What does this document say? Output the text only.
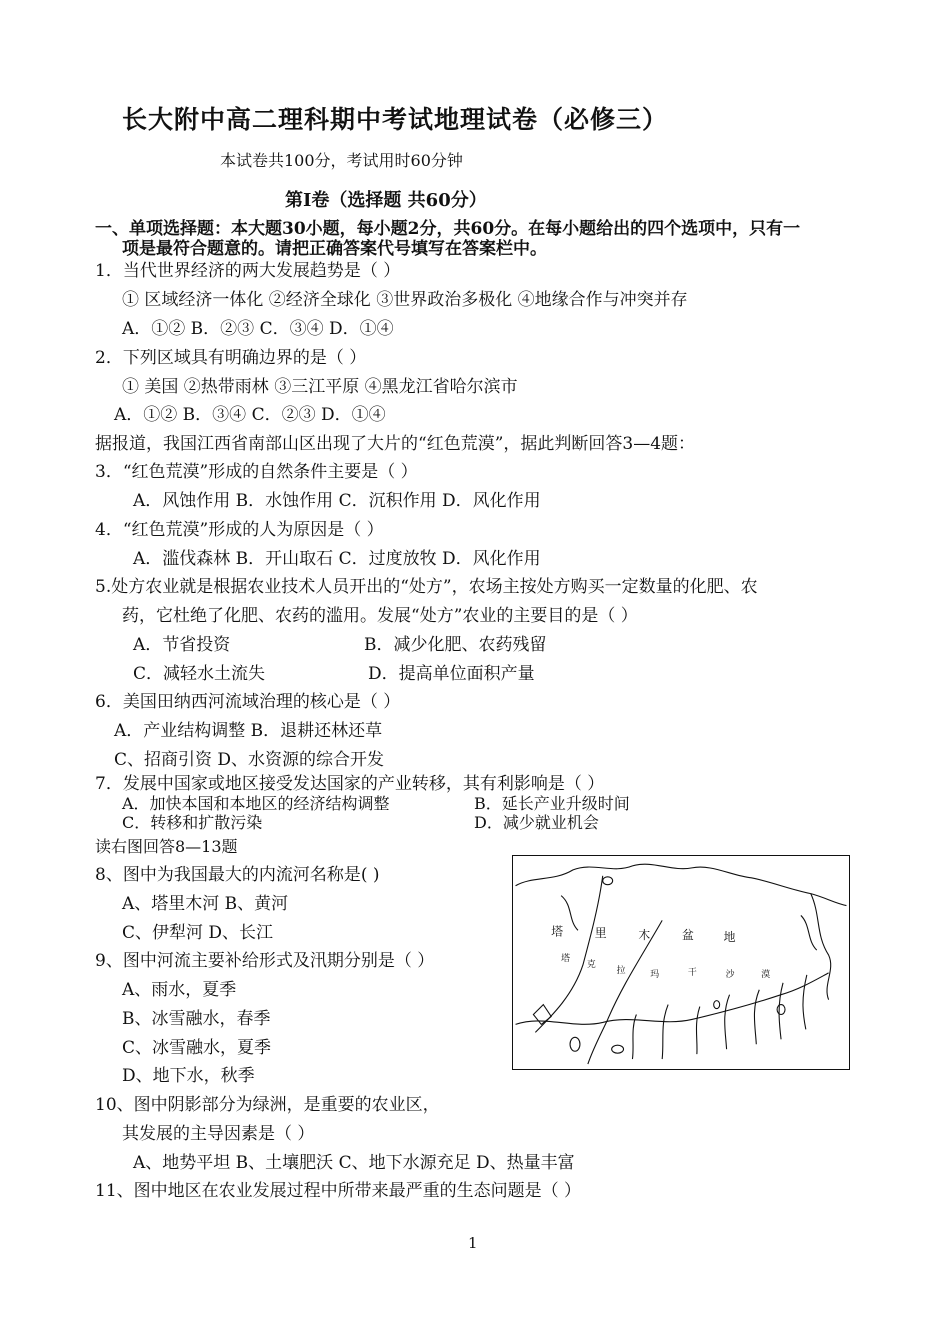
长大附中高二理科期中考试地理试卷（必修三）
本试卷共100分，考试用时60分钟
第Ⅰ卷（选择题 共60分）
一、单项选择题：本大题30小题，每小题2分，共60分。在每小题给出的四个选项中，只有一
项是最符合题意的。请把正确答案代号填写在答案栏中。
1．当代世界经济的两大发展趋势是（ ）
① 区域经济一体化 ②经济全球化 ③世界政治多极化 ④地缘合作与冲突并存
A．①② B．②③ C．③④ D．①④
2．下列区域具有明确边界的是（ ）
① 美国 ②热带雨林 ③三江平原 ④黑龙江省哈尔滨市
A．①② B．③④ C．②③ D．①④
据报道，我国江西省南部山区出现了大片的“红色荒漠”，据此判断回答3—4题：
3．“红色荒漠”形成的自然条件主要是（ ）
A．风蚀作用 B．水蚀作用 C．沉积作用 D．风化作用
4．“红色荒漠”形成的人为原因是（ ）
A．滥伐森林 B．开山取石 C．过度放牧 D．风化作用
5.处方农业就是根据农业技术人员开出的“处方”，农场主按处方购买一定数量的化肥、农
药，它杜绝了化肥、农药的滥用。发展“处方”农业的主要目的是（ ）
A．节省投资	B．减少化肥、农药残留
C．减轻水土流失	D．提高单位面积产量
6．美国田纳西河流域治理的核心是（ ）
A．产业结构调整 B．退耕还林还草
C、招商引资 D、水资源的综合开发
7．发展中国家或地区接受发达国家的产业转移，其有利影响是（ ）
A．加快本国和本地区的经济结构调整	B．延长产业升级时间
C．转移和扩散污染	D．减少就业机会
读右图回答8—13题
8、图中为我国最大的内流河名称是( )
A、塔里木河 B、黄河
C、伊犁河 D、长江
9、图中河流主要补给形式及汛期分别是（ ）
A、雨水，夏季
B、冰雪融水，春季
C、冰雪融水，夏季
D、地下水，秋季
10、图中阴影部分为绿洲，是重要的农业区，
其发展的主导因素是（ ）
A、地势平坦 B、土壤肥沃 C、地下水源充足 D、热量丰富
11、图中地区在农业发展过程中所带来最严重的生态问题是（ ）
塔	里	木	盆 地
塔
克
拉	玛	干	沙	漠
1
